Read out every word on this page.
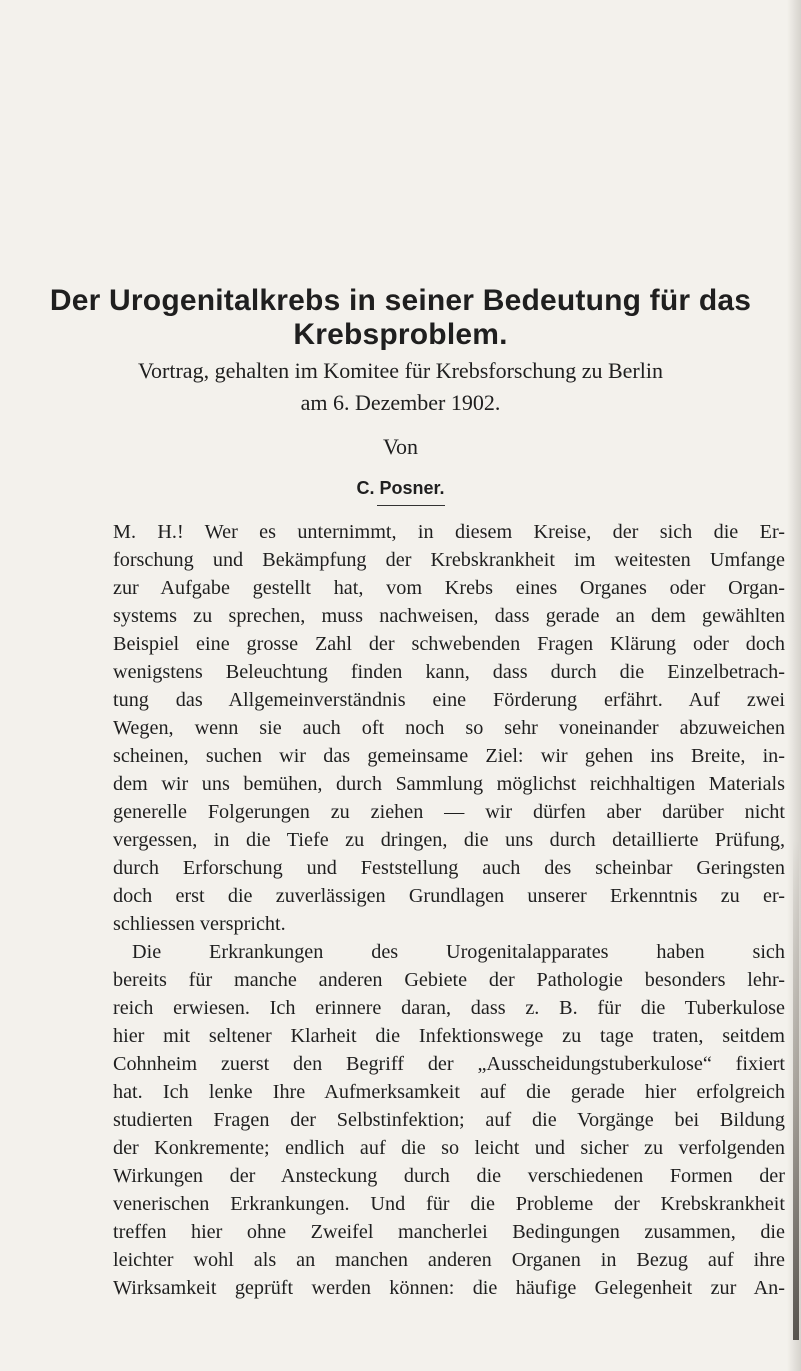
Der Urogenitalkrebs in seiner Bedeutung für das
Krebsproblem.

Vortrag, gehalten im Komitee für Krebsforschung zu Berlin

am 6. Dezember 1902.

Von

C. Posner.

M. H.! Wer es unternimmt, in diesem Kreise, der sich die Er-
forschung und Bekämpfung der Krebskrankheit im weitesten Umfange
zur Aufgabe gestellt hat, vom Krebs eines Organes oder Organ-
systems zu sprechen, muss nachweisen, dass gerade an dem gewählten
Beispiel eine grosse Zahl der schwebenden Fragen Klärung oder doch
wenigstens Beleuchtung finden kann, dass durch die Einzelbetrach-
tung das Allgemeinverständnis eine Förderung erfährt. Auf zwei
Wegen, wenn sie auch oft noch so sehr voneinander abzuweichen
scheinen, suchen wir das gemeinsame Ziel: wir gehen ins Breite, in-
dem wir uns bemühen, durch Sammlung möglichst reichhaltigen Materials
generelle Folgerungen zu ziehen — wir dürfen aber darüber nicht
vergessen, in die Tiefe zu dringen, die uns durch detaillierte Prüfung,
durch Erforschung und Feststellung auch des scheinbar Geringsten
doch erst die zuverlässigen Grundlagen unserer Erkenntnis zu er-
schliessen verspricht.
Die Erkrankungen des Urogenitalapparates haben sich
bereits für manche anderen Gebiete der Pathologie besonders lehr-
reich erwiesen. Ich erinnere daran, dass z. B. für die Tuberkulose
hier mit seltener Klarheit die Infektionswege zu tage traten, seitdem
Cohnheim zuerst den Begriff der „Ausscheidungstuberkulose“ fixiert
hat. Ich lenke Ihre Aufmerksamkeit auf die gerade hier erfolgreich
studierten Fragen der Selbstinfektion; auf die Vorgänge bei Bildung
der Konkremente; endlich auf die so leicht und sicher zu verfolgenden
Wirkungen der Ansteckung durch die verschiedenen Formen der
venerischen Erkrankungen. Und für die Probleme der Krebskrankheit
treffen hier ohne Zweifel mancherlei Bedingungen zusammen, die
leichter wohl als an manchen anderen Organen in Bezug auf ihre
Wirksamkeit geprüft werden können: die häufige Gelegenheit zur An-
